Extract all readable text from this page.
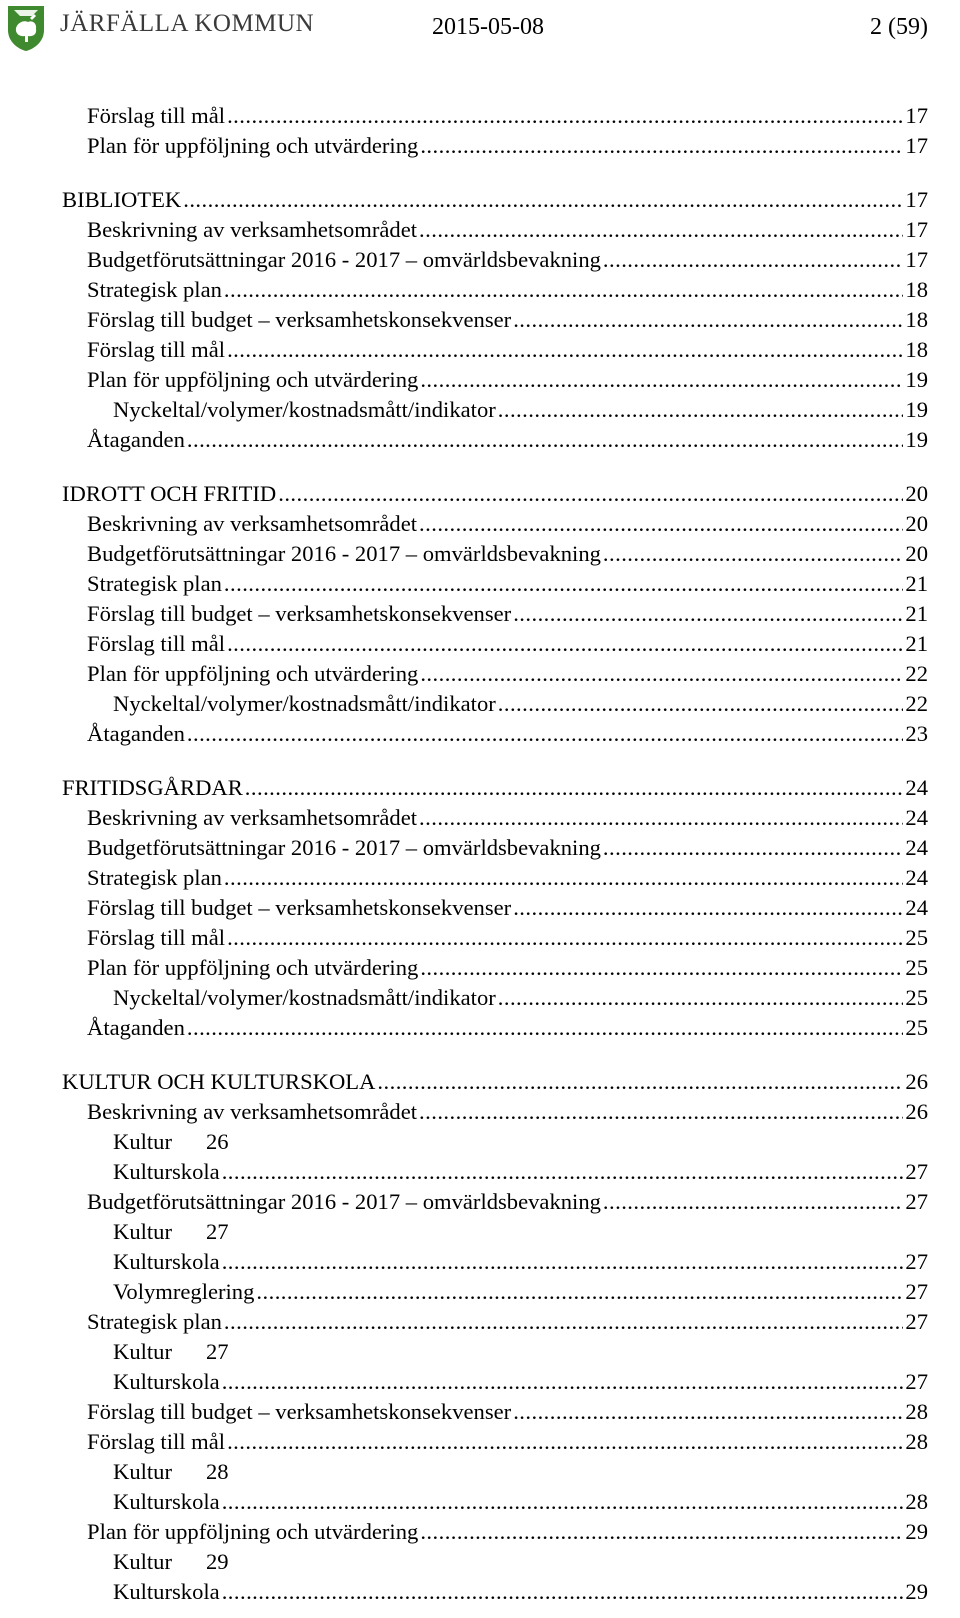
JÄRFÄLLA KOMMUN	2015-05-08	2 (59)
Förslag till mål . . .	17
Plan för uppföljning och utvärdering . . .	17
BIBLIOTEK . . .	17
Beskrivning av verksamhetsområdet . . .	17
Budgetförutsättningar 2016 - 2017 – omvärldsbevakning . . .	17
Strategisk plan . . .	18
Förslag till budget – verksamhetskonsekvenser . . .	18
Förslag till mål . . .	18
Plan för uppföljning och utvärdering . . .	19
Nyckeltal/volymer/kostnadsmått/indikator . . .	19
Åtaganden . . .	19
IDROTT OCH FRITID . . .	20
Beskrivning av verksamhetsområdet . . .	20
Budgetförutsättningar 2016 - 2017 – omvärldsbevakning . . .	20
Strategisk plan . . .	21
Förslag till budget – verksamhetskonsekvenser . . .	21
Förslag till mål . . .	21
Plan för uppföljning och utvärdering . . .	22
Nyckeltal/volymer/kostnadsmått/indikator . . .	22
Åtaganden . . .	23
FRITIDSGÅRDAR . . .	24
Beskrivning av verksamhetsområdet . . .	24
Budgetförutsättningar 2016 - 2017 – omvärldsbevakning . . .	24
Strategisk plan . . .	24
Förslag till budget – verksamhetskonsekvenser . . .	24
Förslag till mål . . .	25
Plan för uppföljning och utvärdering . . .	25
Nyckeltal/volymer/kostnadsmått/indikator . . .	25
Åtaganden . . .	25
KULTUR OCH KULTURSKOLA . . .	26
Beskrivning av verksamhetsområdet . . .	26
Kultur 26
Kulturskola . . .	27
Budgetförutsättningar 2016 - 2017 – omvärldsbevakning . . .	27
Kultur 27
Kulturskola . . .	27
Volymreglering . . .	27
Strategisk plan . . .	27
Kultur 27
Kulturskola . . .	27
Förslag till budget – verksamhetskonsekvenser . . .	28
Förslag till mål . . .	28
Kultur 28
Kulturskola . . .	28
Plan för uppföljning och utvärdering . . .	29
Kultur 29
Kulturskola . . .	29
